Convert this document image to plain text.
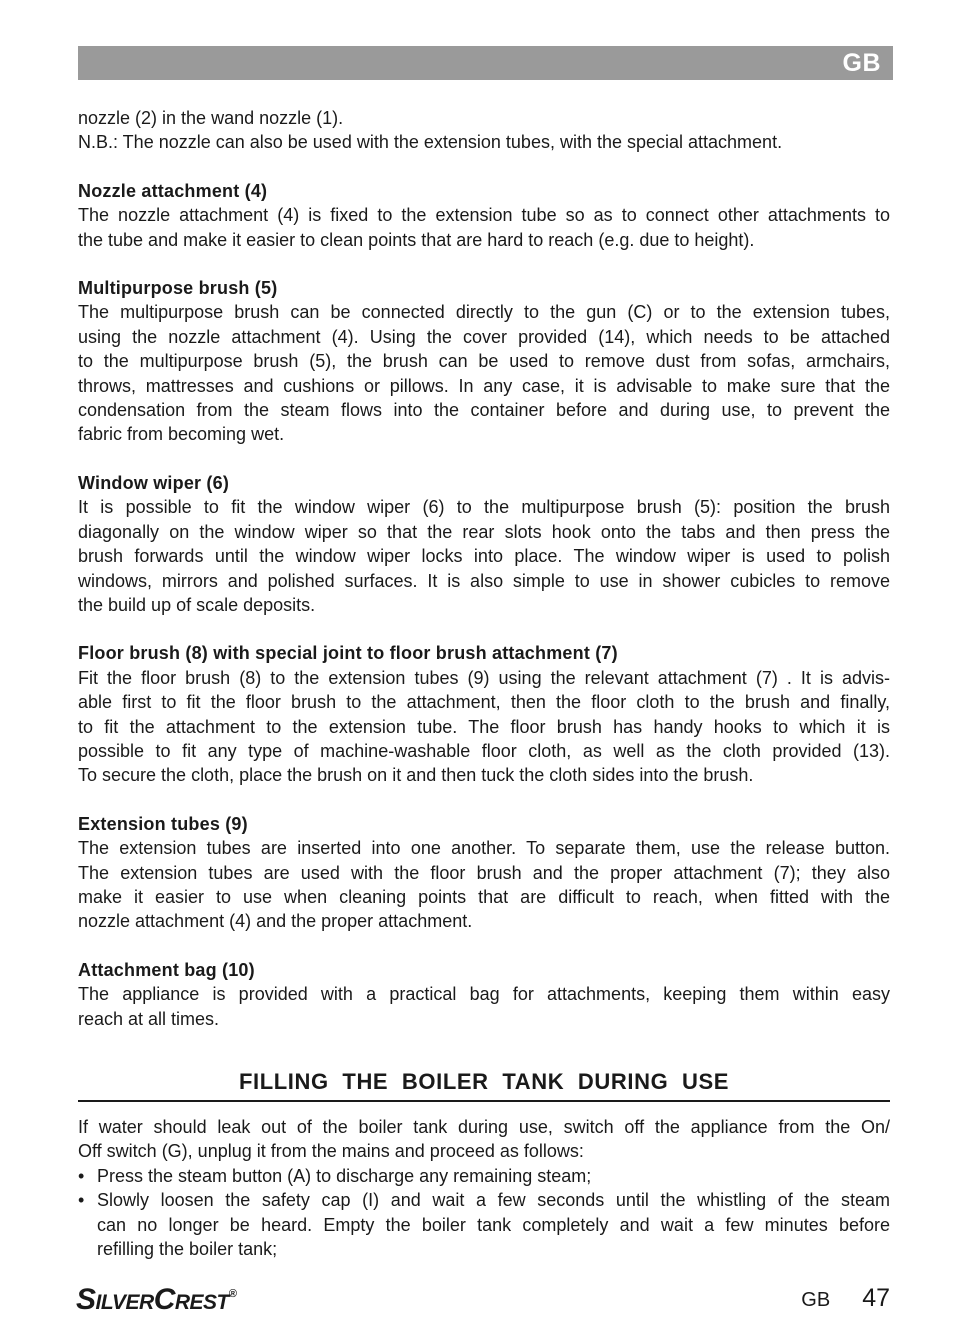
GB
nozzle (2) in the wand nozzle (1).
N.B.: The nozzle can also be used with the extension tubes, with the special attachment.
Nozzle attachment (4)
The nozzle attachment (4) is fixed to the extension tube so as to connect other attachments to
the tube and make it easier to clean points that are hard to reach (e.g. due to height).
Multipurpose brush (5)
The multipurpose brush can be connected directly to the gun (C) or to the extension tubes,
using the nozzle attachment (4). Using the cover provided (14), which needs to be attached
to the multipurpose brush (5), the brush can be used to remove dust from sofas, armchairs,
throws, mattresses and cushions or pillows. In any case, it is advisable to make sure that the
condensation from the steam flows into the container before and during use, to prevent the
fabric from becoming wet.
Window wiper (6)
It is possible to fit the window wiper (6) to the multipurpose brush (5): position the brush
diagonally on the window wiper so that the rear slots hook onto the tabs and then press the
brush forwards until the window wiper locks into place. The window wiper is used to polish
windows, mirrors and polished surfaces. It is also simple to use in shower cubicles to remove
the build up of scale deposits.
Floor brush (8) with special joint to floor brush attachment (7)
Fit the floor brush (8) to the extension tubes (9) using the relevant attachment (7) . It is advis-
able first to fit the floor brush to the attachment, then the floor cloth to the brush and finally,
to fit the attachment to the extension tube. The floor brush has handy hooks to which it is
possible to fit any type of machine-washable floor cloth, as well as the cloth provided (13).
To secure the cloth, place the brush on it and then tuck the cloth sides into the brush.
Extension tubes (9)
The extension tubes are inserted into one another. To separate them, use the release button.
The extension tubes are used with the floor brush and the proper attachment (7); they also
make it easier to use when cleaning points that are difficult to reach, when fitted with the
nozzle attachment (4) and the proper attachment.
Attachment bag (10)
The appliance is provided with a practical bag for attachments, keeping them within easy
reach at all times.
FILLING THE BOILER TANK DURING USE
If water should leak out of the boiler tank during use, switch off the appliance from the On/
Off switch (G), unplug it from the mains and proceed as follows:
• Press the steam button (A) to discharge any remaining steam;
• Slowly loosen the safety cap (I) and wait a few seconds until the whistling of the steam
can no longer be heard. Empty the boiler tank completely and wait a few minutes before
refilling the boiler tank;
SILVERCREST®	GB 47
